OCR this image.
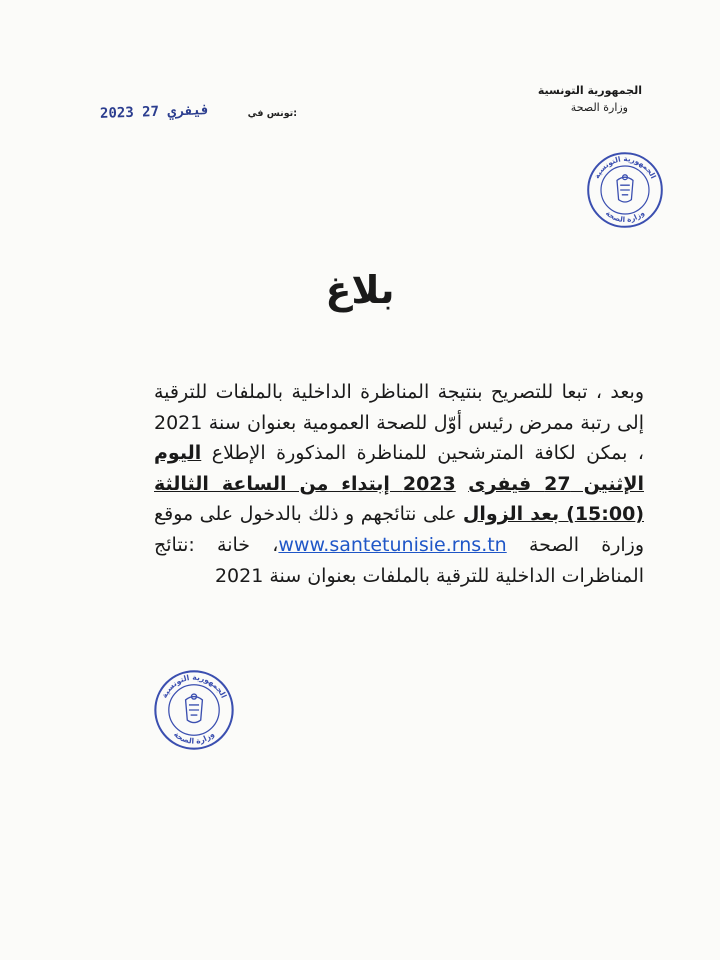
الجمهورية التونسية
وزارة الصحة
2023 فيفري 27	تونس في:
الجمهورية التونسية
وزارة الصحة
بلاغ
وبعد ، تبعا للتصريح بنتيجة المناظرة الداخلية بالملفات للترقية إلى رتبة ممرض رئيس أوّل للصحة العمومية بعنوان سنة 2021 ، بمكن لكافة المترشحين للمناظرة المذكورة الإطلاع اليوم الإثنين 27 فيفرى 2023 إبتداء من الساعة الثالثة (15:00) بعد الزوال على نتائجهم و ذلك بالدخول على موقع وزارة الصحة www.santetunisie.rns.tn، خانة :نتائج المناظرات الداخلية للترقية بالملفات بعنوان سنة 2021
الجمهورية التونسية
وزارة الصحة
